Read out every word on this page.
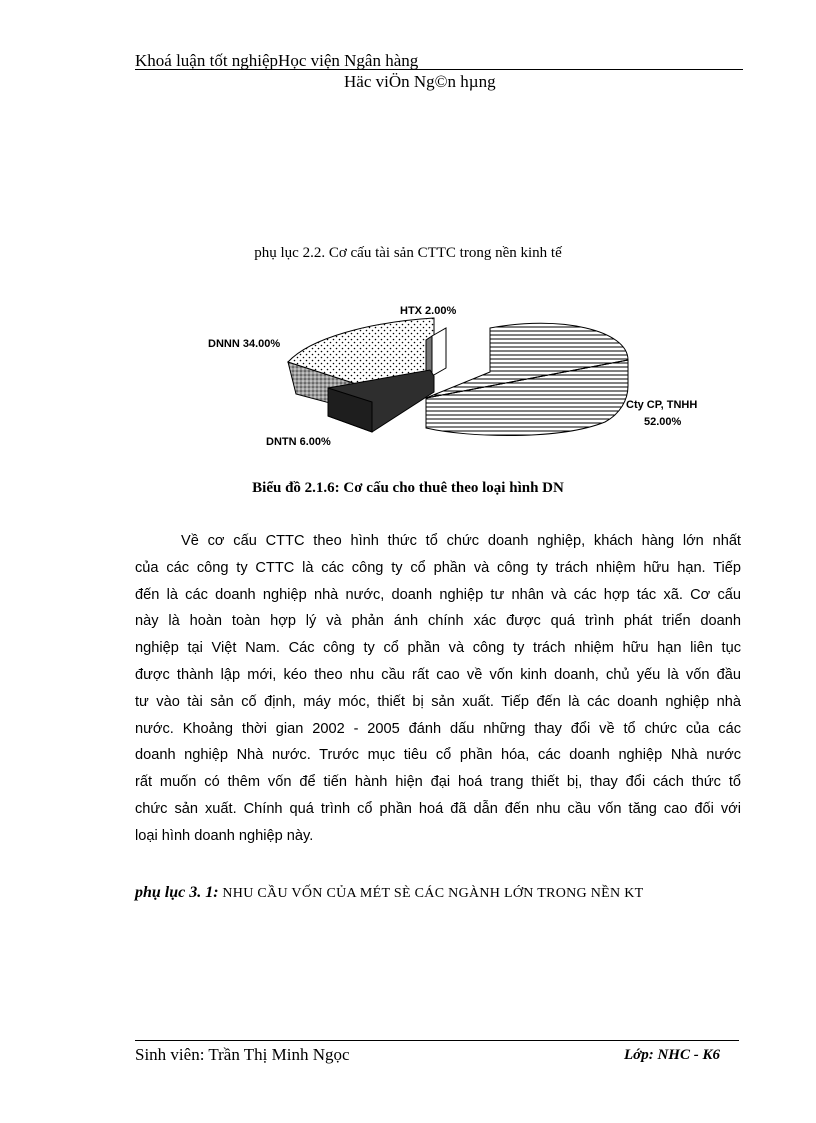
Khoá luận tốt nghiệpHọc viện Ngân hàng
Häc viÖn Ng©n hµng
phụ lục 2.2. Cơ cấu tài sản CTTC trong nền kinh tế
HTX 2.00%
DNNN 34.00%
DNTN 6.00%
Cty CP, TNHH
52.00%
Biểu đồ 2.1.6: Cơ cấu cho thuê theo loại hình DN
Về cơ cấu CTTC theo hình thức tổ chức doanh nghiệp, khách hàng lớn nhất
của các công ty CTTC là các công ty cổ phần và công ty trách nhiệm hữu hạn. Tiếp
đến là các doanh nghiệp nhà nước, doanh nghiệp tư nhân và các hợp tác xã. Cơ cấu
này là hoàn toàn hợp lý và phản ánh chính xác được quá trình phát triển doanh
nghiệp tại Việt Nam. Các công ty cổ phần và công ty trách nhiệm hữu hạn liên tục
được thành lập mới, kéo theo nhu cầu rất cao về vốn kinh doanh, chủ yếu là vốn đầu
tư vào tài sản cố định, máy móc, thiết bị sản xuất. Tiếp đến là các doanh nghiệp nhà
nước. Khoảng thời gian 2002 - 2005 đánh dấu những thay đổi về tổ chức của các
doanh nghiệp Nhà nước. Trước mục tiêu cổ phần hóa, các doanh nghiệp Nhà nước
rất muốn có thêm vốn để tiến hành hiện đại hoá trang thiết bị, thay đổi cách thức tổ
chức sản xuất. Chính quá trình cổ phần hoá đã dẫn đến nhu cầu vốn tăng cao đối với
loại hình doanh nghiệp này.
phụ lục 3. 1: NHU CẦU VỐN CỦA MÉT SÈ CÁC NGÀNH LỚN TRONG NỀN KT
Sinh viên: Trần Thị Minh Ngọc	Lớp: NHC - K6
